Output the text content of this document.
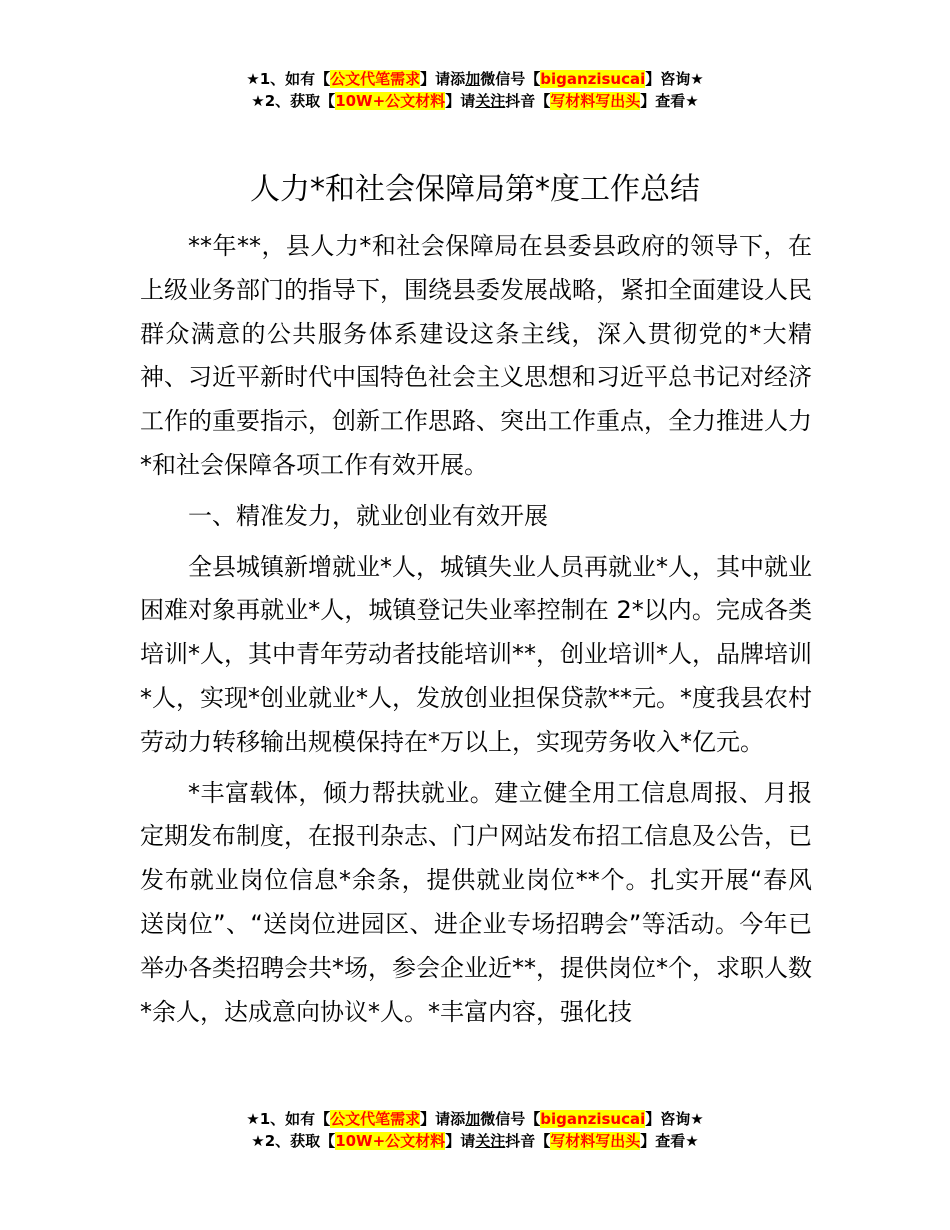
★1、如有【公文代笔需求】请添加微信号【biganzisucai】咨询★
★2、获取【10W+公文材料】请关注抖音【写材料写出头】查看★
人力*和社会保障局第*度工作总结

**年**，县人力*和社会保障局在县委县政府的领导下，在上级业务部门的指导下，围绕县委发展战略，紧扣全面建设人民群众满意的公共服务体系建设这条主线，深入贯彻党的*大精神、习近平新时代中国特色社会主义思想和习近平总书记对经济工作的重要指示，创新工作思路、突出工作重点，全力推进人力*和社会保障各项工作有效开展。

一、精准发力，就业创业有效开展

全县城镇新增就业*人，城镇失业人员再就业*人，其中就业困难对象再就业*人，城镇登记失业率控制在 2*以内。完成各类培训*人，其中青年劳动者技能培训**，创业培训*人，品牌培训*人，实现*创业就业*人，发放创业担保贷款**元。*度我县农村劳动力转移输出规模保持在*万以上，实现劳务收入*亿元。

*丰富载体，倾力帮扶就业。建立健全用工信息周报、月报定期发布制度，在报刊杂志、门户网站发布招工信息及公告，已发布就业岗位信息*余条，提供就业岗位**个。扎实开展“春风送岗位”、“送岗位进园区、进企业专场招聘会”等活动。今年已举办各类招聘会共*场，参会企业近**，提供岗位*个，求职人数*余人，达成意向协议*人。*丰富内容，强化技

★1、如有【公文代笔需求】请添加微信号【biganzisucai】咨询★
★2、获取【10W+公文材料】请关注抖音【写材料写出头】查看★
